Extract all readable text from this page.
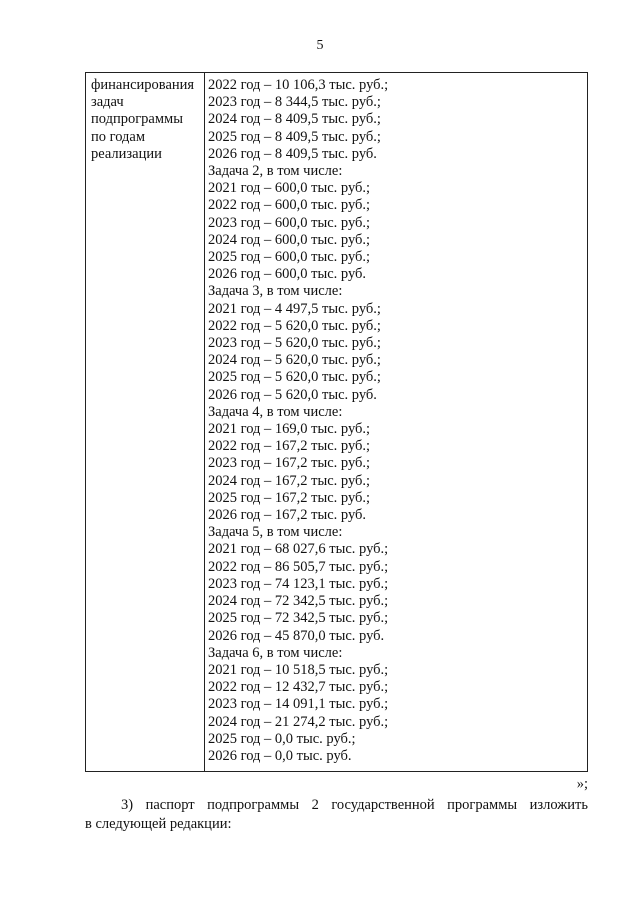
5
финансирования
задач
подпрограммы
по годам
реализации
2022 год – 10 106,3 тыс. руб.;
2023 год – 8 344,5 тыс. руб.;
2024 год – 8 409,5 тыс. руб.;
2025 год – 8 409,5 тыс. руб.;
2026 год – 8 409,5 тыс. руб.
Задача 2, в том числе:
2021 год – 600,0 тыс. руб.;
2022 год – 600,0 тыс. руб.;
2023 год – 600,0 тыс. руб.;
2024 год – 600,0 тыс. руб.;
2025 год – 600,0 тыс. руб.;
2026 год – 600,0 тыс. руб.
Задача 3, в том числе:
2021 год – 4 497,5 тыс. руб.;
2022 год – 5 620,0 тыс. руб.;
2023 год – 5 620,0 тыс. руб.;
2024 год – 5 620,0 тыс. руб.;
2025 год – 5 620,0 тыс. руб.;
2026 год – 5 620,0 тыс. руб.
Задача 4, в том числе:
2021 год – 169,0 тыс. руб.;
2022 год – 167,2 тыс. руб.;
2023 год – 167,2 тыс. руб.;
2024 год – 167,2 тыс. руб.;
2025 год – 167,2 тыс. руб.;
2026 год – 167,2 тыс. руб.
Задача 5, в том числе:
2021 год – 68 027,6 тыс. руб.;
2022 год – 86 505,7 тыс. руб.;
2023 год – 74 123,1 тыс. руб.;
2024 год – 72 342,5 тыс. руб.;
2025 год – 72 342,5 тыс. руб.;
2026 год – 45 870,0 тыс. руб.
Задача 6, в том числе:
2021 год – 10 518,5 тыс. руб.;
2022 год – 12 432,7 тыс. руб.;
2023 год – 14 091,1 тыс. руб.;
2024 год – 21 274,2 тыс. руб.;
2025 год – 0,0 тыс. руб.;
2026 год – 0,0 тыс. руб.
»;
3) паспорт подпрограммы 2 государственной программы изложить
в следующей редакции:
